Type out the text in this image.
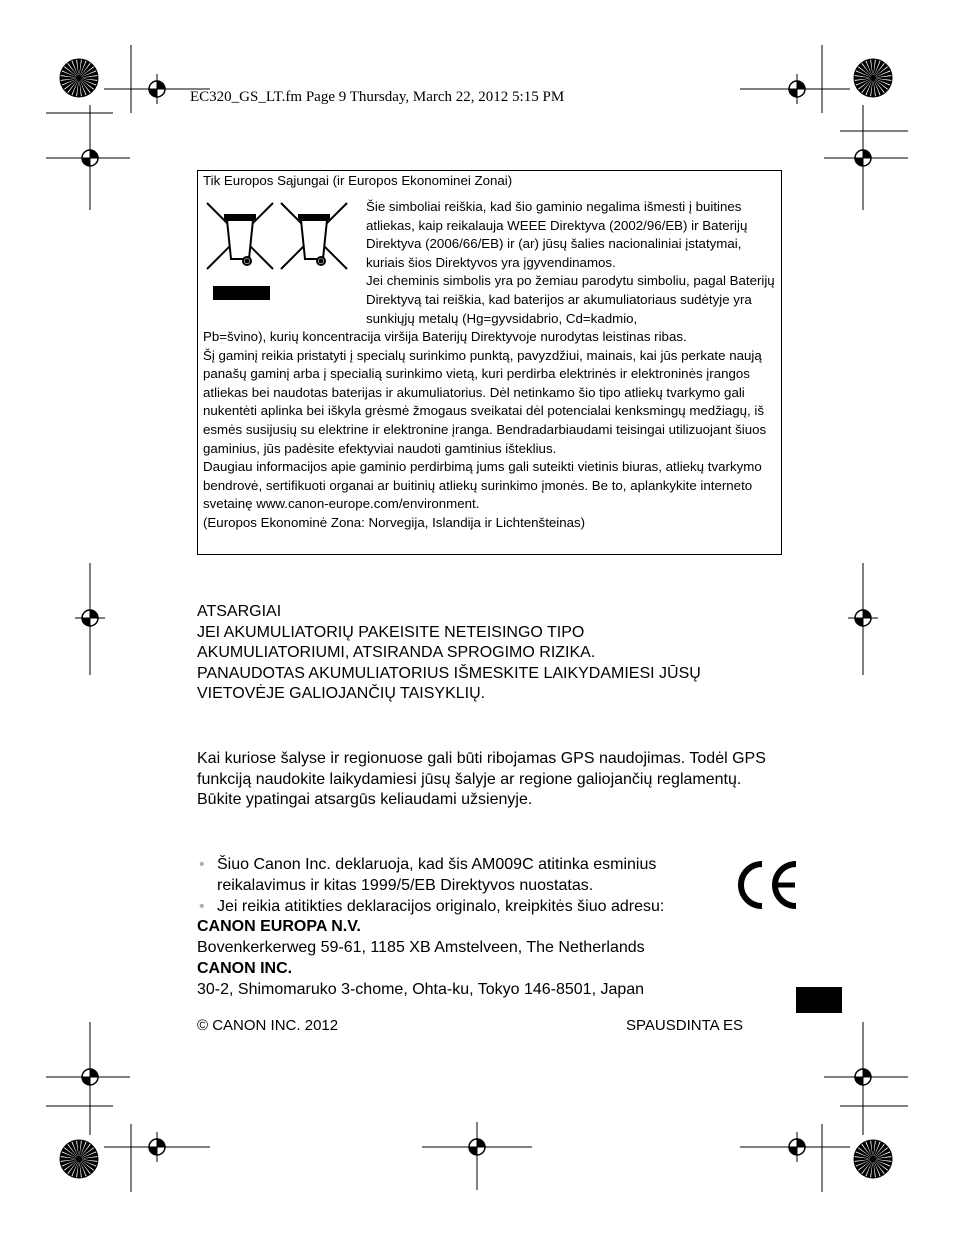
EC320_GS_LT.fm Page 9 Thursday, March 22, 2012 5:15 PM
Tik Europos Sąjungai (ir Europos Ekonominei Zonai)

Šie simboliai reiškia, kad šio gaminio negalima išmesti į buitines atliekas, kaip reikalauja WEEE Direktyva (2002/96/EB) ir Baterijų Direktyva (2006/66/EB) ir (ar) jūsų šalies nacionaliniai įstatymai, kuriais šios Direktyvos yra įgyvendinamos.

Jei cheminis simbolis yra po žemiau parodytu simboliu, pagal Baterijų Direktyvą tai reiškia, kad baterijos ar akumuliatoriaus sudėtyje yra sunkiųjų metalų (Hg=gyvsidabrio, Cd=kadmio,

Pb=švino), kurių koncentracija viršija Baterijų Direktyvoje nurodytas leistinas ribas.

Šį gaminį reikia pristatyti į specialų surinkimo punktą, pavyzdžiui, mainais, kai jūs perkate naują panašų gaminį arba į specialią surinkimo vietą, kuri perdirba elektrinės ir elektroninės įrangos atliekas bei naudotas baterijas ir akumuliatorius. Dėl netinkamo šio tipo atliekų tvarkymo gali nukentėti aplinka bei iškyla grėsmė žmogaus sveikatai dėl potencialai kenksmingų medžiagų, iš esmės susijusių su elektrine ir elektronine įranga. Bendradarbiaudami teisingai utilizuojant šiuos gaminius, jūs padėsite efektyviai naudoti gamtinius išteklius.

Daugiau informacijos apie gaminio perdirbimą jums gali suteikti vietinis biuras, atliekų tvarkymo bendrovė, sertifikuoti organai ar buitinių atliekų surinkimo įmonės. Be to, aplankykite interneto svetainę www.canon-europe.com/environment.

(Europos Ekonominė Zona: Norvegija, Islandija ir Lichtenšteinas)

ATSARGIAI

JEI AKUMULIATORIŲ PAKEISITE NETEISINGO TIPO

AKUMULIATORIUMI, ATSIRANDA SPROGIMO RIZIKA.

PANAUDOTAS AKUMULIATORIUS IŠMESKITE LAIKYDAMIESI JŪSŲ

VIETOVĖJE GALIOJANČIŲ TAISYKLIŲ.

Kai kuriose šalyse ir regionuose gali būti ribojamas GPS naudojimas. Todėl GPS funkciją naudokite laikydamiesi jūsų šalyje ar regione galiojančių reglamentų. Būkite ypatingai atsargūs keliaudami užsienyje.

• Šiuo Canon Inc. deklaruoja, kad šis AM009C atitinka esminius reikalavimus ir kitas 1999/5/EB Direktyvos nuostatas.
• Jei reikia atitikties deklaracijos originalo, kreipkitės šiuo adresu:

CANON EUROPA N.V.

Bovenkerkerweg 59-61, 1185 XB Amstelveen, The Netherlands

CANON INC.

30-2, Shimomaruko 3-chome, Ohta-ku, Tokyo 146-8501, Japan

© CANON INC. 2012	SPAUSDINTA ES
